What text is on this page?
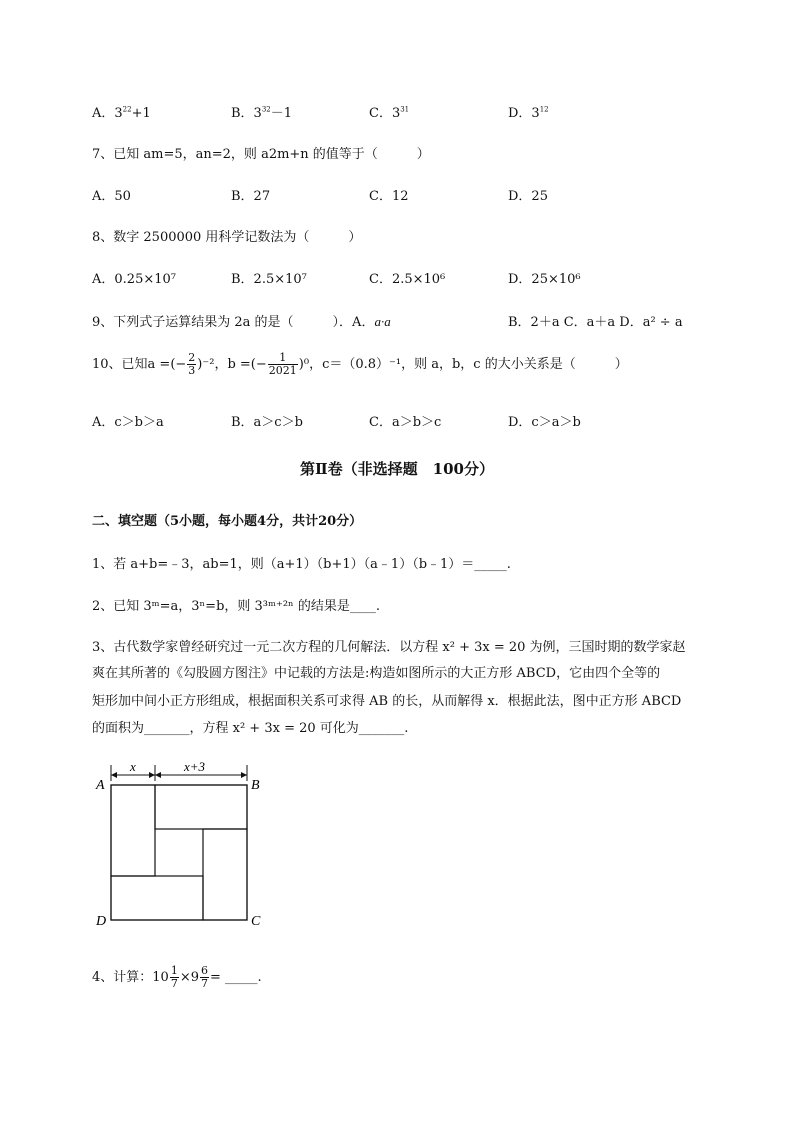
A．$3^{22}+1$	B．$3^{32}-1$	C．$3^{31}$	D．$3^{12}$
7、已知 am=5，an=2，则 a2m+n 的值等于（　　　）
A．50	B．27	C．12	D．25
8、数字 2500000 用科学记数法为（　　　）
A．0.25×10⁷	B．2.5×10⁷	C．2.5×10⁶	D．25×10⁶
9、下列式子运算结果为 2a 的是（　　　）．A．a·a	B．2＋a C．a＋a D．a² ÷ a
10、已知a =(− $\frac{2}{3} )^{-2}$，b =(− $\frac{1}{2021} )^0$，c＝（0.8）⁻¹，则 a，b，c 的大小关系是（　　　）
A．c＞b＞a	B．a＞c＞b	C．a＞b＞c	D．c＞a＞b
第Ⅱ卷（非选择题　100分）
二、填空题（5小题，每小题4分，共计20分）
1、若 a+b=﹣3，ab=1，则（a+1）（b+1）（a﹣1）（b﹣1）＝_____.
2、已知 3ᵐ=a，3ⁿ=b，则 3³ᵐ⁺²ⁿ 的结果是____.
3、古代数学家曾经研究过一元二次方程的几何解法．以方程 x² + 3x = 20 为例，三国时期的数学家赵
爽在其所著的《勾股圆方图注》中记载的方法是:构造如图所示的大正方形 ABCD，它由四个全等的
矩形加中间小正方形组成，根据面积关系可求得 AB 的长，从而解得 x．根据此法，图中正方形 ABCD
的面积为_______，方程 x² + 3x = 20 可化为_______.
x	x+3
A	B
D	C
4、计算：$10 \frac{1}{7} \times 9 \frac{6}{7}$ = _____.
